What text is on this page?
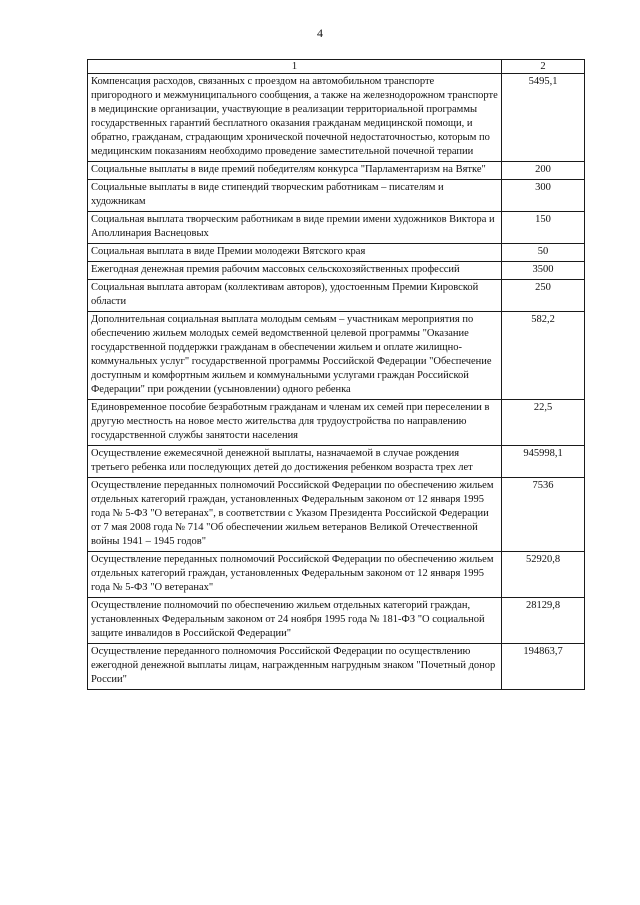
4
1	2
Компенсация расходов, связанных с проездом на автомобильном транспорте пригородного и межмуниципального сообщения, а также на железнодорожном транспорте в медицинские организации, участвующие в реализации территориальной программы государственных гарантий бесплатного оказания гражданам медицинской помощи, и обратно, гражданам, страдающим хронической почечной недостаточностью, которым по медицинским показаниям необходимо проведение заместительной почечной терапии	5495,1
Социальные выплаты в виде премий победителям конкурса "Парламентаризм на Вятке"	200
Социальные выплаты в виде стипендий творческим работникам – писателям и художникам	300
Социальная выплата творческим работникам в виде премии имени художников Виктора и Аполлинария Васнецовых	150
Социальная выплата в виде Премии молодежи Вятского края	50
Ежегодная денежная премия рабочим массовых сельскохозяйственных профессий	3500
Социальная выплата авторам (коллективам авторов), удостоенным Премии Кировской области	250
Дополнительная социальная выплата молодым семьям – участникам мероприятия по обеспечению жильем молодых семей ведомственной целевой программы "Оказание государственной поддержки гражданам в обеспечении жильем и оплате жилищно-коммунальных услуг" государственной программы Российской Федерации "Обеспечение доступным и комфортным жильем и коммунальными услугами граждан Российской Федерации" при рождении (усыновлении) одного ребенка	582,2
Единовременное пособие безработным гражданам и членам их семей при переселении в другую местность на новое место жительства для трудоустройства по направлению государственной службы занятости населения	22,5
Осуществление ежемесячной денежной выплаты, назначаемой в случае рождения третьего ребенка или последующих детей до достижения ребенком возраста трех лет	945998,1
Осуществление переданных полномочий Российской Федерации по обеспечению жильем отдельных категорий граждан, установленных Федеральным законом от 12 января 1995 года № 5-ФЗ "О ветеранах", в соответствии с Указом Президента Российской Федерации от 7 мая 2008 года № 714 "Об обеспечении жильем ветеранов Великой Отечественной войны 1941 – 1945 годов"	7536
Осуществление переданных полномочий Российской Федерации по обеспечению жильем отдельных категорий граждан, установленных Федеральным законом от 12 января 1995 года № 5-ФЗ "О ветеранах"	52920,8
Осуществление полномочий по обеспечению жильем отдельных категорий граждан, установленных Федеральным законом от 24 ноября 1995 года № 181-ФЗ "О социальной защите инвалидов в Российской Федерации"	28129,8
Осуществление переданного полномочия Российской Федерации по осуществлению ежегодной денежной выплаты лицам, награжденным нагрудным знаком "Почетный донор России"	194863,7
